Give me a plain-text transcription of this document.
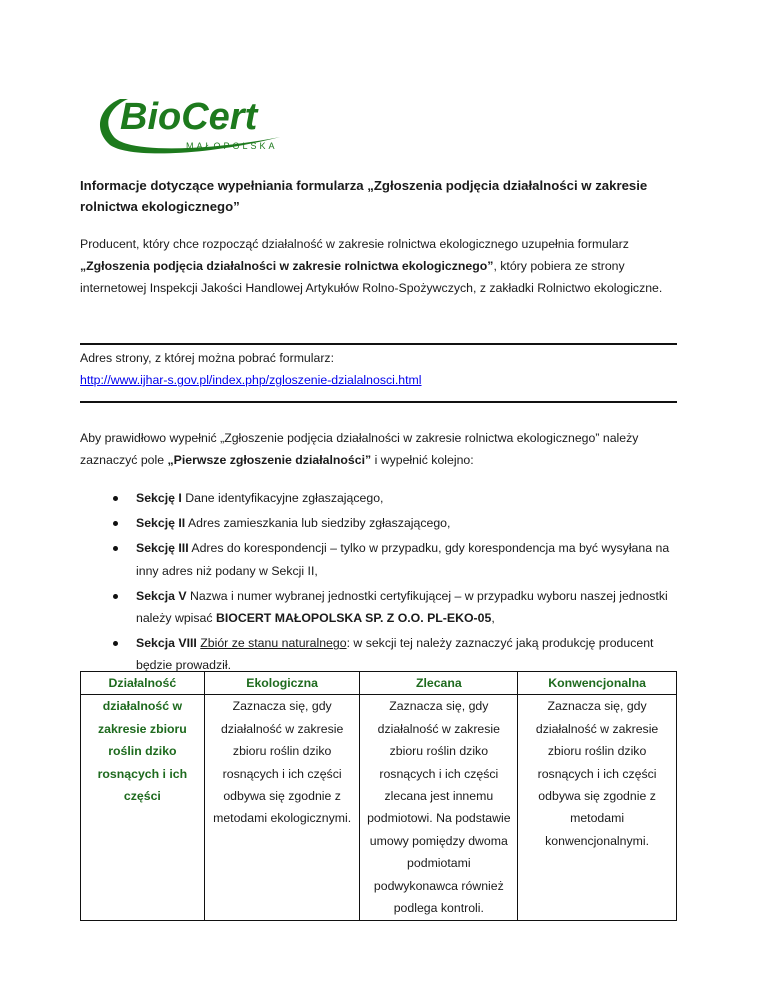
BioCert
MAŁOPOLSKA
Informacje dotyczące wypełniania formularza „Zgłoszenia podjęcia działalności w zakresie rolnictwa ekologicznego”
Producent, który chce rozpocząć działalność w zakresie rolnictwa ekologicznego uzupełnia formularz „Zgłoszenia podjęcia działalności w zakresie rolnictwa ekologicznego”, który pobiera ze strony internetowej Inspekcji Jakości Handlowej Artykułów Rolno-Spożywczych, z zakładki Rolnictwo ekologiczne.
Adres strony, z której można pobrać formularz:
http://www.ijhar-s.gov.pl/index.php/zgloszenie-dzialalnosci.html
Aby prawidłowo wypełnić „Zgłoszenie podjęcia działalności w zakresie rolnictwa ekologicznego” należy zaznaczyć pole „Pierwsze zgłoszenie działalności” i wypełnić kolejno:
Sekcję I Dane identyfikacyjne zgłaszającego,
Sekcję II Adres zamieszkania lub siedziby zgłaszającego,
Sekcję III Adres do korespondencji – tylko w przypadku, gdy korespondencja ma być wysyłana na inny adres niż podany w Sekcji II,
Sekcja V Nazwa i numer wybranej jednostki certyfikującej – w przypadku wyboru naszej jednostki należy wpisać BIOCERT MAŁOPOLSKA SP. Z O.O. PL-EKO-05,
Sekcja VIII Zbiór ze stanu naturalnego: w sekcji tej należy zaznaczyć jaką produkcję producent będzie prowadził.
Działalność	Ekologiczna	Zlecana	Konwencjonalna
działalność w zakresie zbioru roślin dziko rosnących i ich części	Zaznacza się, gdy działalność w zakresie zbioru roślin dziko rosnących i ich części odbywa się zgodnie z metodami ekologicznymi.	Zaznacza się, gdy działalność w zakresie zbioru roślin dziko rosnących i ich części zlecana jest innemu podmiotowi. Na podstawie umowy pomiędzy dwoma podmiotami podwykonawca również podlega kontroli.	Zaznacza się, gdy działalność w zakresie zbioru roślin dziko rosnących i ich części odbywa się zgodnie z metodami konwencjonalnymi.
